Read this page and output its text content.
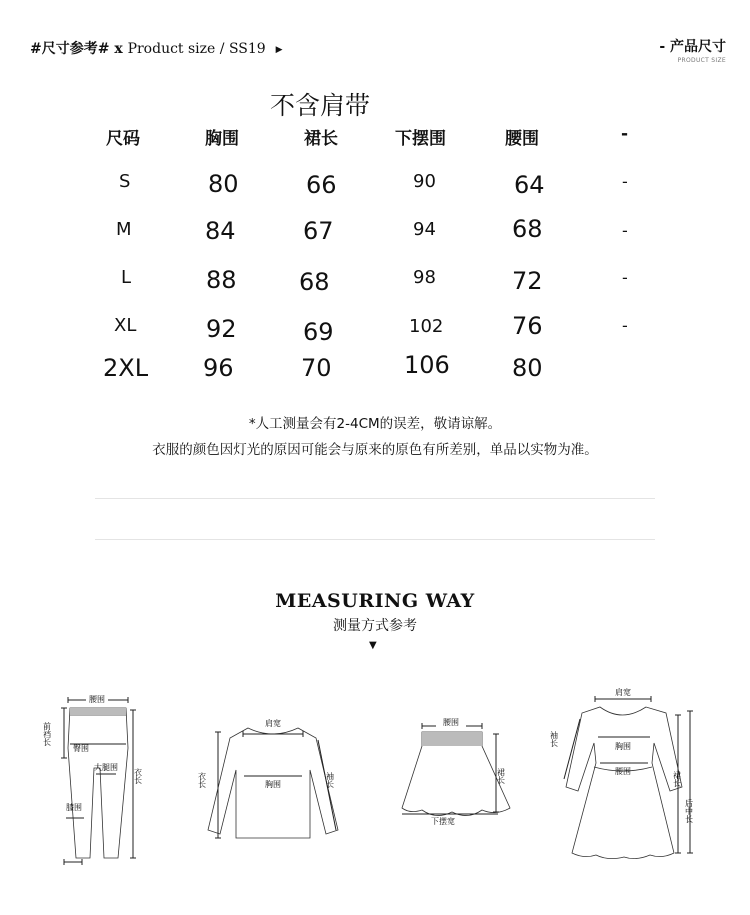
#尺寸参考# x Product size / SS19 ▶	- 产品尺寸
PRODUCT SIZE
不含肩带
尺码	胸围	裙长	下摆围	腰围	-
S	80	66	90	64	-
M	84	67	94	68	-
L	88	68	98	72	-
XL	92	69	102	76	-
2XL 96	70	106	80
*人工测量会有2-4CM的误差，敬请谅解。
衣服的颜色因灯光的原因可能会与原来的原色有所差别，单品以实物为准。
MEASURING WAY
测量方式参考
▼
腰围
前裆长
臀围
大腿围
衣长
膝围
肩宽
衣长	胸围	袖长
腰围
裙长
下摆宽
肩宽
袖长	胸围
腰围	裙长
后中长
